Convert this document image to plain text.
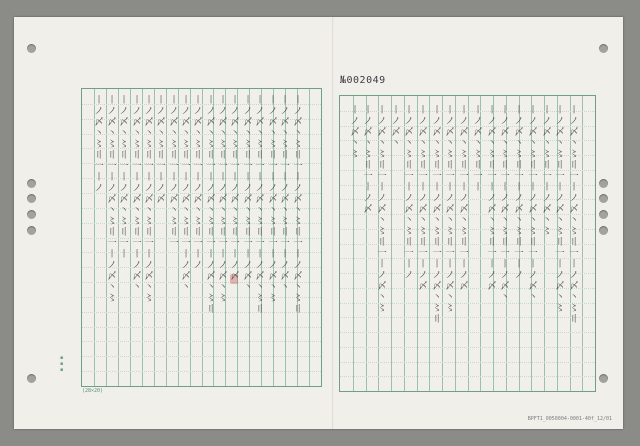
№002049
(28×20)
BPFT1_0050004-0001-40f_12/01
▪
▪
▪
〡
ノ
〆
丶
〻
〢
一
〡
ノ
〆
丶
〻
〢
一
〡
ノ
〆
丶
〻
〢
〡
ノ
〆
丶
〻
〢
一
〡
ノ
〆
丶
〻
〢
一
〡
ノ
〆
丶
〡
ノ
〆
丶
〻
〢
一
〡
ノ
〆
丶
〻
〢
一
〡
ノ
〆
丶
〻
〡
ノ
〆
丶
〻
〢
一
〡
ノ
〆
丶
〻
〢
一
〡
ノ
〆
丶
〻
〢
〡
ノ
〆
丶
〻
〢
一
〡
ノ
〆
丶
〻
〢
一
〡
ノ
〆
丶
〡
ノ
〆
丶
〻
〢
一
〡
ノ
〆
丶
〻
〢
一
〡
ノ
〆
〡
ノ
〆
丶
〻
〢
一
〡
ノ
〆
丶
〻
〢
一
〡
ノ
〆
丶
〻
〡
ノ
〆
丶
〻
〢
一
〡
ノ
〆
丶
〻
〢
一
〡
ノ
〆
丶
〻
〢
〡
ノ
〆
丶
〻
〢
一
〡
ノ
〆
丶
〻
〢
一
〡
ノ
〡
ノ
〆
丶
〻
〢
一
〡
ノ
〆
丶
〻
〢
一
〡
ノ
〆
丶
〡
ノ
〆
丶
〻
〢
一
〡
ノ
〆
丶
〻
〢
一
〡
ノ
〆
丶
〻
〢
一
〡
ノ
〆
〡
ノ
〆
丶
〻
〢
一
〡
ノ
〆
丶
〻
〢
一
〡
ノ
〆
丶
〻
〡
ノ
〆
丶
〻
〢
一
〡
ノ
〆
丶
〻
〢
一
〡
ノ
〆
丶
〡
ノ
〆
丶
〻
〢
一
〡
ノ
〆
丶
〻
〢
一
〡
〡
ノ
〆
丶
〻
〢
一
〡
ノ
〆
丶
〻
〢
一
〡
ノ
〆
丶
〻
〡
ノ
〆
丶
〻
〢
一
〡
ノ
〡
ノ
〆
丶
〻
〢
一
〡
ノ
〆
丶
〻
〢
一
〡
ノ
〆
丶
〻
〢
〡
ノ
〆
丶
〻
〢
一
〡
ノ
〆
丶
〻
〢
一
〡
ノ
〆
丶
〻
〡
ノ
〆
丶
〻
〢
一
〡
ノ
〆
丶
〻
〡
ノ
〆
丶
〻
〢
一
〡
ノ
〆
丶
〻
〢
一
〡
ノ
〆
丶
〡
ノ
〆
丶
〻
〢
一
〡
ノ
〆
丶
〻
〢
一
〡
ノ
〡
ノ
〆
丶
〻
〢
一
〡
ノ
〆
丶
〻
〢
一
〡
ノ
〆
丶
〡
ノ
〆
丶
〻
〢
一
〡
ノ
〆
丶
〻
〢
一
〡
ノ
〆
〡
ノ
〆
丶
〻
〢
一
〡
〡
ノ
〆
丶
〻
〢
一
〡
ノ
〆
丶
〻
〢
一
〡
ノ
〆
〡
ノ
〆
丶
〻
〢
一
〡
ノ
〆
丶
〻
〢
一
〡
ノ
〆
丶
〻
〡
ノ
〆
丶
〻
〢
一
〡
ノ
〆
丶
〻
〢
一
〡
ノ
〆
丶
〻
〢
〡
ノ
〆
丶
〻
〢
一
〡
ノ
〆
丶
〻
〢
一
〡
ノ
〆
〡
ノ
〆
丶
〻
〢
一
〡
ノ
〆
丶
〻
〢
一
〡
ノ
〡
ノ
〆
丶
〡
ノ
〆
丶
〻
〢
一
〡
ノ
〆
丶
〻
〢
一
〡
ノ
〆
丶
〻
〡
ノ
〆
丶
〻
〢
一
〡
ノ
〆
〡
ノ
〆
丶
〻
